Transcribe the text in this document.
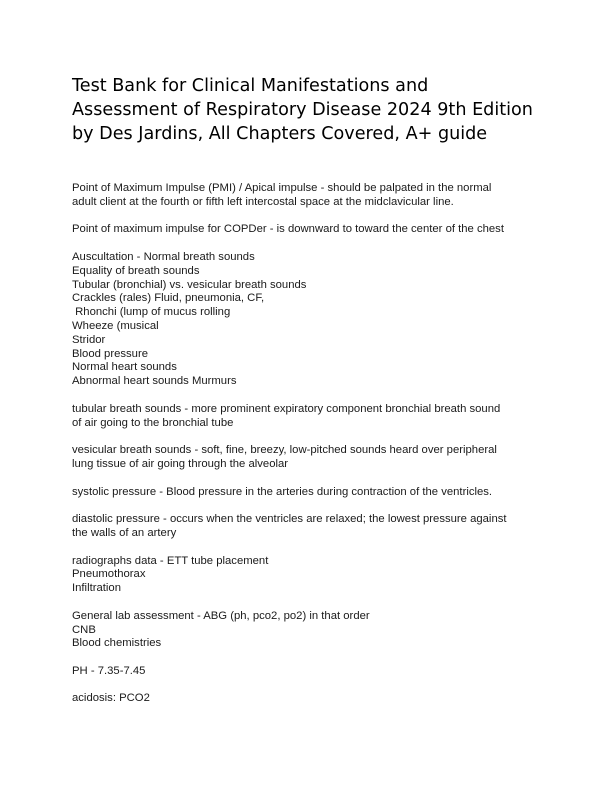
Test Bank for Clinical Manifestations and
Assessment of Respiratory Disease 2024 9th Edition
by Des Jardins, All Chapters Covered, A+ guide

Point of Maximum Impulse (PMI) / Apical impulse - should be palpated in the normal
adult client at the fourth or fifth left intercostal space at the midclavicular line.

Point of maximum impulse for COPDer - is downward to toward the center of the chest

Auscultation - Normal breath sounds
Equality of breath sounds
Tubular (bronchial) vs. vesicular breath sounds
Crackles (rales) Fluid, pneumonia, CF,
Rhonchi (lump of mucus rolling
Wheeze (musical
Stridor
Blood pressure
Normal heart sounds
Abnormal heart sounds Murmurs

tubular breath sounds - more prominent expiratory component bronchial breath sound
of air going to the bronchial tube

vesicular breath sounds - soft, fine, breezy, low-pitched sounds heard over peripheral
lung tissue of air going through the alveolar

systolic pressure - Blood pressure in the arteries during contraction of the ventricles.

diastolic pressure - occurs when the ventricles are relaxed; the lowest pressure against
the walls of an artery

radiographs data - ETT tube placement
Pneumothorax
Infiltration

General lab assessment - ABG (ph, pco2, po2) in that order
CNB
Blood chemistries

PH - 7.35-7.45

acidosis: PCO2
